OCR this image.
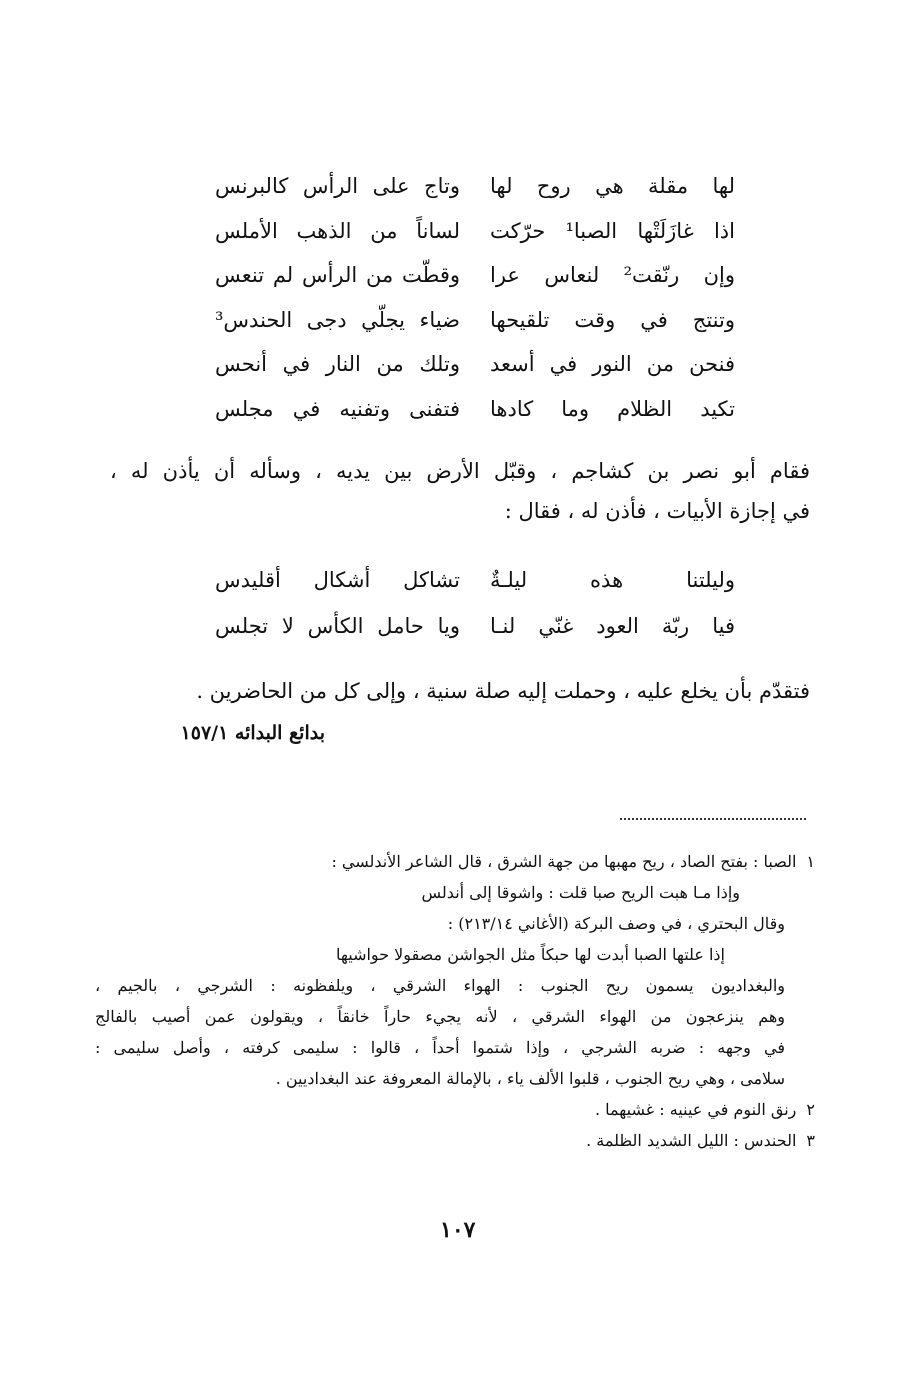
لها مقلة هي روح لها
وتاج على الرأس كالبرنس
اذا غازَلَتْها الصبا¹ حرّكت
لساناً من الذهب الأملس
وإن رنّقت² لنعاس عرا
وقطّت من الرأس لم تنعس
وتنتج في وقت تلقيحها
ضياء يجلّي دجى الحندس³
فنحن من النور في أسعد
وتلك من النار في أنحس
تكيد الظلام وما كادها
فتفنى وتفنيه في مجلس
فقام أبو نصر بن كشاجم ، وقبّل الأرض بين يديه ، وسأله أن يأذن له ،
في إجازة الأبيات ، فأذن له ، فقال :
وليلتنا هذه ليلـةٌ
تشاكل أشكال أقليدس
فيا ربّة العود غنّي لنـا
ويا حامل الكأس لا تجلس
فتقدّم بأن يخلع عليه ، وحملت إليه صلة سنية ، وإلى كل من الحاضرين .
بدائع البدائه ١٥٧/١
١الصبا : بفتح الصاد ، ريح مهبها من جهة الشرق ، قال الشاعر الأندلسي :
وإذا مـا هبت الريح صبا قلت : واشوقا إلى أندلس
وقال البحتري ، في وصف البركة (الأغاني ٢١٣/١٤) :
إذا علتها الصبا أبدت لها حبكاً مثل الجواشن مصقولا حواشيها
والبغداديون يسمون ريح الجنوب : الهواء الشرقي ، ويلفظونه : الشرجي ، بالجيم ،
وهم ينزعجون من الهواء الشرقي ، لأنه يجيء حاراً خانقاً ، ويقولون عمن أصيب بالفالج
في وجهه : ضربه الشرجي ، وإذا شتموا أحداً ، قالوا : سليمى كرفته ، وأصل سليمى :
سلامى ، وهي ريح الجنوب ، قلبوا الألف ياء ، بالإمالة المعروفة عند البغداديين .
٢رنق النوم في عينيه : غشيهما .
٣الحندس : الليل الشديد الظلمة .
١٠٧
